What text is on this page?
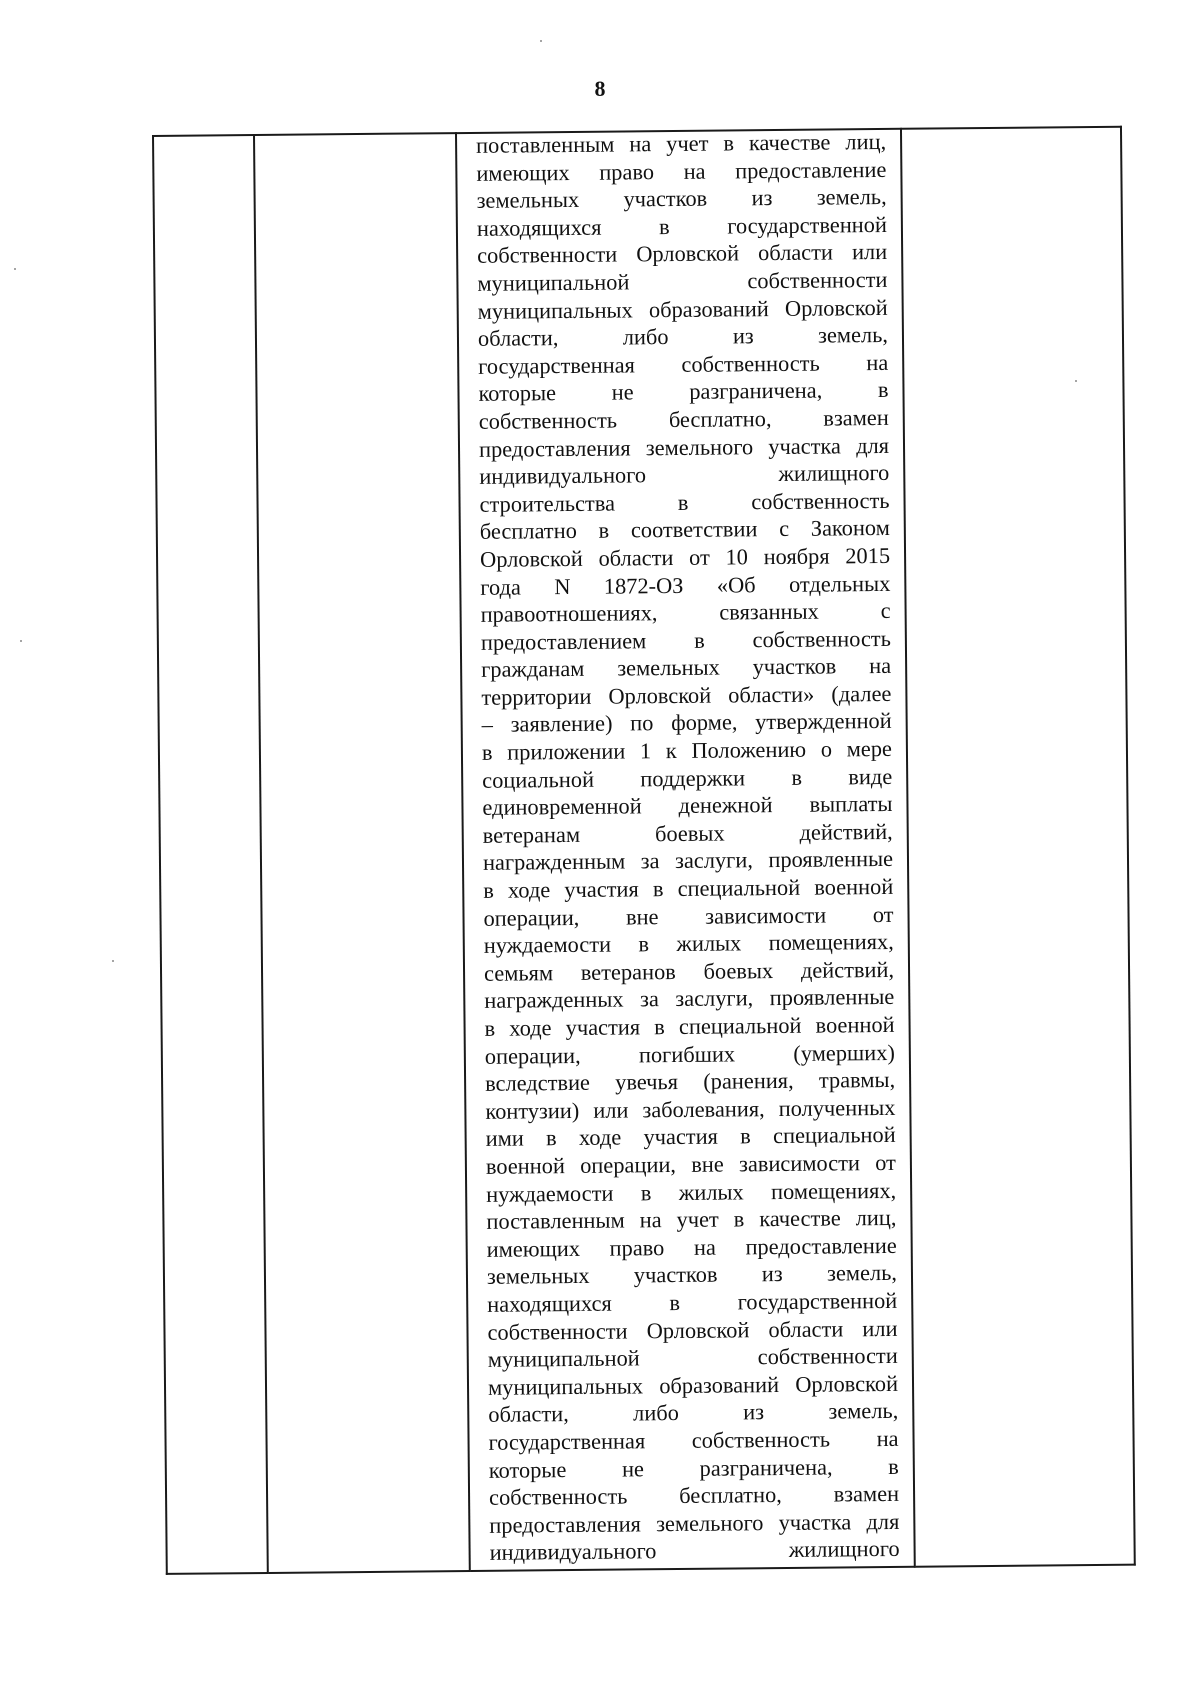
8

поставленным на учет в качестве лиц,
имеющих право на предоставление
земельных участков из земель,
находящихся в государственной
собственности Орловской области или
муниципальной собственности
муниципальных образований Орловской
области, либо из земель,
государственная собственность на
которые не разграничена, в
собственность бесплатно, взамен
предоставления земельного участка для
индивидуального жилищного
строительства в собственность
бесплатно в соответствии с Законом
Орловской области от 10 ноября 2015
года N 1872-ОЗ «Об отдельных
правоотношениях, связанных с
предоставлением в собственность
гражданам земельных участков на
территории Орловской области» (далее
– заявление) по форме, утвержденной
в приложении 1 к Положению о мере
социальной поддержки в виде
единовременной денежной выплаты
ветеранам боевых действий,
награжденным за заслуги, проявленные
в ходе участия в специальной военной
операции, вне зависимости от
нуждаемости в жилых помещениях,
семьям ветеранов боевых действий,
награжденных за заслуги, проявленные
в ходе участия в специальной военной
операции, погибших (умерших)
вследствие увечья (ранения, травмы,
контузии) или заболевания, полученных
ими в ходе участия в специальной
военной операции, вне зависимости от
нуждаемости в жилых помещениях,
поставленным на учет в качестве лиц,
имеющих право на предоставление
земельных участков из земель,
находящихся в государственной
собственности Орловской области или
муниципальной собственности
муниципальных образований Орловской
области, либо из земель,
государственная собственность на
которые не разграничена, в
собственность бесплатно, взамен
предоставления земельного участка для
индивидуального жилищного
